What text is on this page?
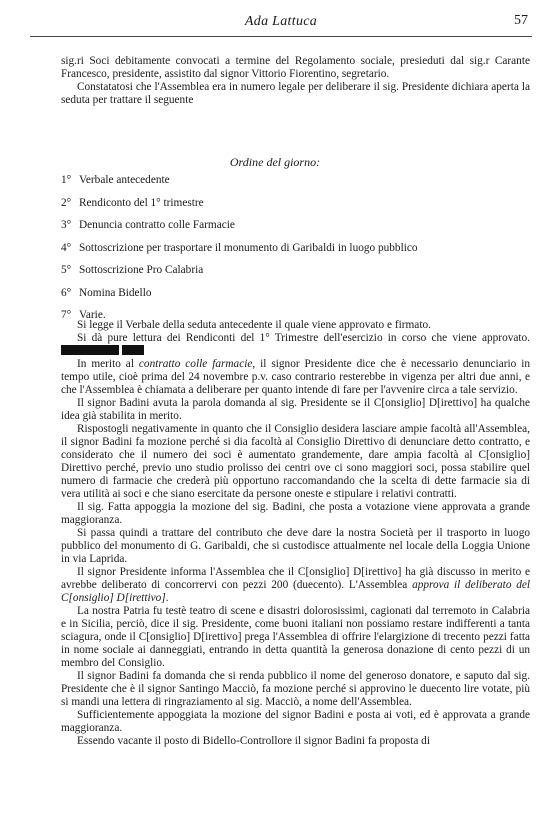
Ada Lattuca	57

sig.ri Soci debitamente convocati a termine del Regolamento sociale, presieduti dal sig.r Carante Francesco, presidente, assistito dal signor Vittorio Fiorentino, segretario.

Constatatosi che l'Assemblea era in numero legale per deliberare il sig. Presidente dichiara aperta la seduta per trattare il seguente

Ordine del giorno:
1° Verbale antecedente
2° Rendiconto del 1° trimestre
3° Denuncia contratto colle Farmacie
4° Sottoscrizione per trasportare il monumento di Garibaldi in luogo pubblico
5° Sottoscrizione Pro Calabria
6° Nomina Bidello
7° Varie.

Si legge il Verbale della seduta antecedente il quale viene approvato e firmato.

Si dà pure lettura dei Rendiconti del 1° Trimestre dell'esercizio in corso che viene approvato.

In merito al contratto colle farmacie, il signor Presidente dice che è necessario denunciario in tempo utile, cioè prima del 24 novembre p.v. caso contrario resterebbe in vigenza per altri due anni, e che l'Assemblea è chiamata a deliberare per quanto intende di fare per l'avvenire circa a tale servizio.

Il signor Badini avuta la parola domanda al sig. Presidente se il C[onsiglio] D[irettivo] ha qualche idea già stabilita in merito.

Rispostogli negativamente in quanto che il Consiglio desidera lasciare ampie facoltà all'Assemblea, il signor Badini fa mozione perché si dia facoltà al Consiglio Direttivo di denunciare detto contratto, e considerato che il numero dei soci è aumentato grandemente, dare ampia facoltà al C[onsiglio] Direttivo perché, previo uno studio prolisso dei centri ove ci sono maggiori soci, possa stabilire quel numero di farmacie che crederà più opportuno raccomandando che la scelta di dette farmacie sia di vera utilità ai soci e che siano esercitate da persone oneste e stipulare i relativi contratti.

Il sig. Fatta appoggia la mozione del sig. Badini, che posta a votazione viene approvata a grande maggioranza.

Si passa quindi a trattare del contributo che deve dare la nostra Società per il trasporto in luogo pubblico del monumento di G. Garibaldi, che si custodisce attualmente nel locale della Loggia Unione in via Laprida.

Il signor Presidente informa l'Assemblea che il C[onsiglio] D[irettivo] ha già discusso in merito e avrebbe deliberato di concorrervi con pezzi 200 (duecento). L'Assemblea approva il deliberato del C[onsiglio] D[irettivo].

La nostra Patria fu testè teatro di scene e disastri dolorosissimi, cagionati dal terremoto in Calabria e in Sicilia, perciò, dice il sig. Presidente, come buoni italiani non possiamo restare indifferenti a tanta sciagura, onde il C[onsiglio] D[irettivo] prega l'Assemblea di offrire l'elargizione di trecento pezzi fatta in nome sociale ai danneggiati, entrando in detta quantità la generosa donazione di cento pezzi di un membro del Consiglio.

Il signor Badini fa domanda che si renda pubblico il nome del generoso donatore, e saputo dal sig. Presidente che è il signor Santingo Macciò, fa mozione perché si approvino le duecento lire votate, più si mandi una lettera di ringraziamento al sig. Macciò, a nome dell'Assemblea.

Sufficientemente appoggiata la mozione del signor Badini e posta ai voti, ed è approvata a grande maggioranza.

Essendo vacante il posto di Bidello-Controllore il signor Badini fa proposta di
